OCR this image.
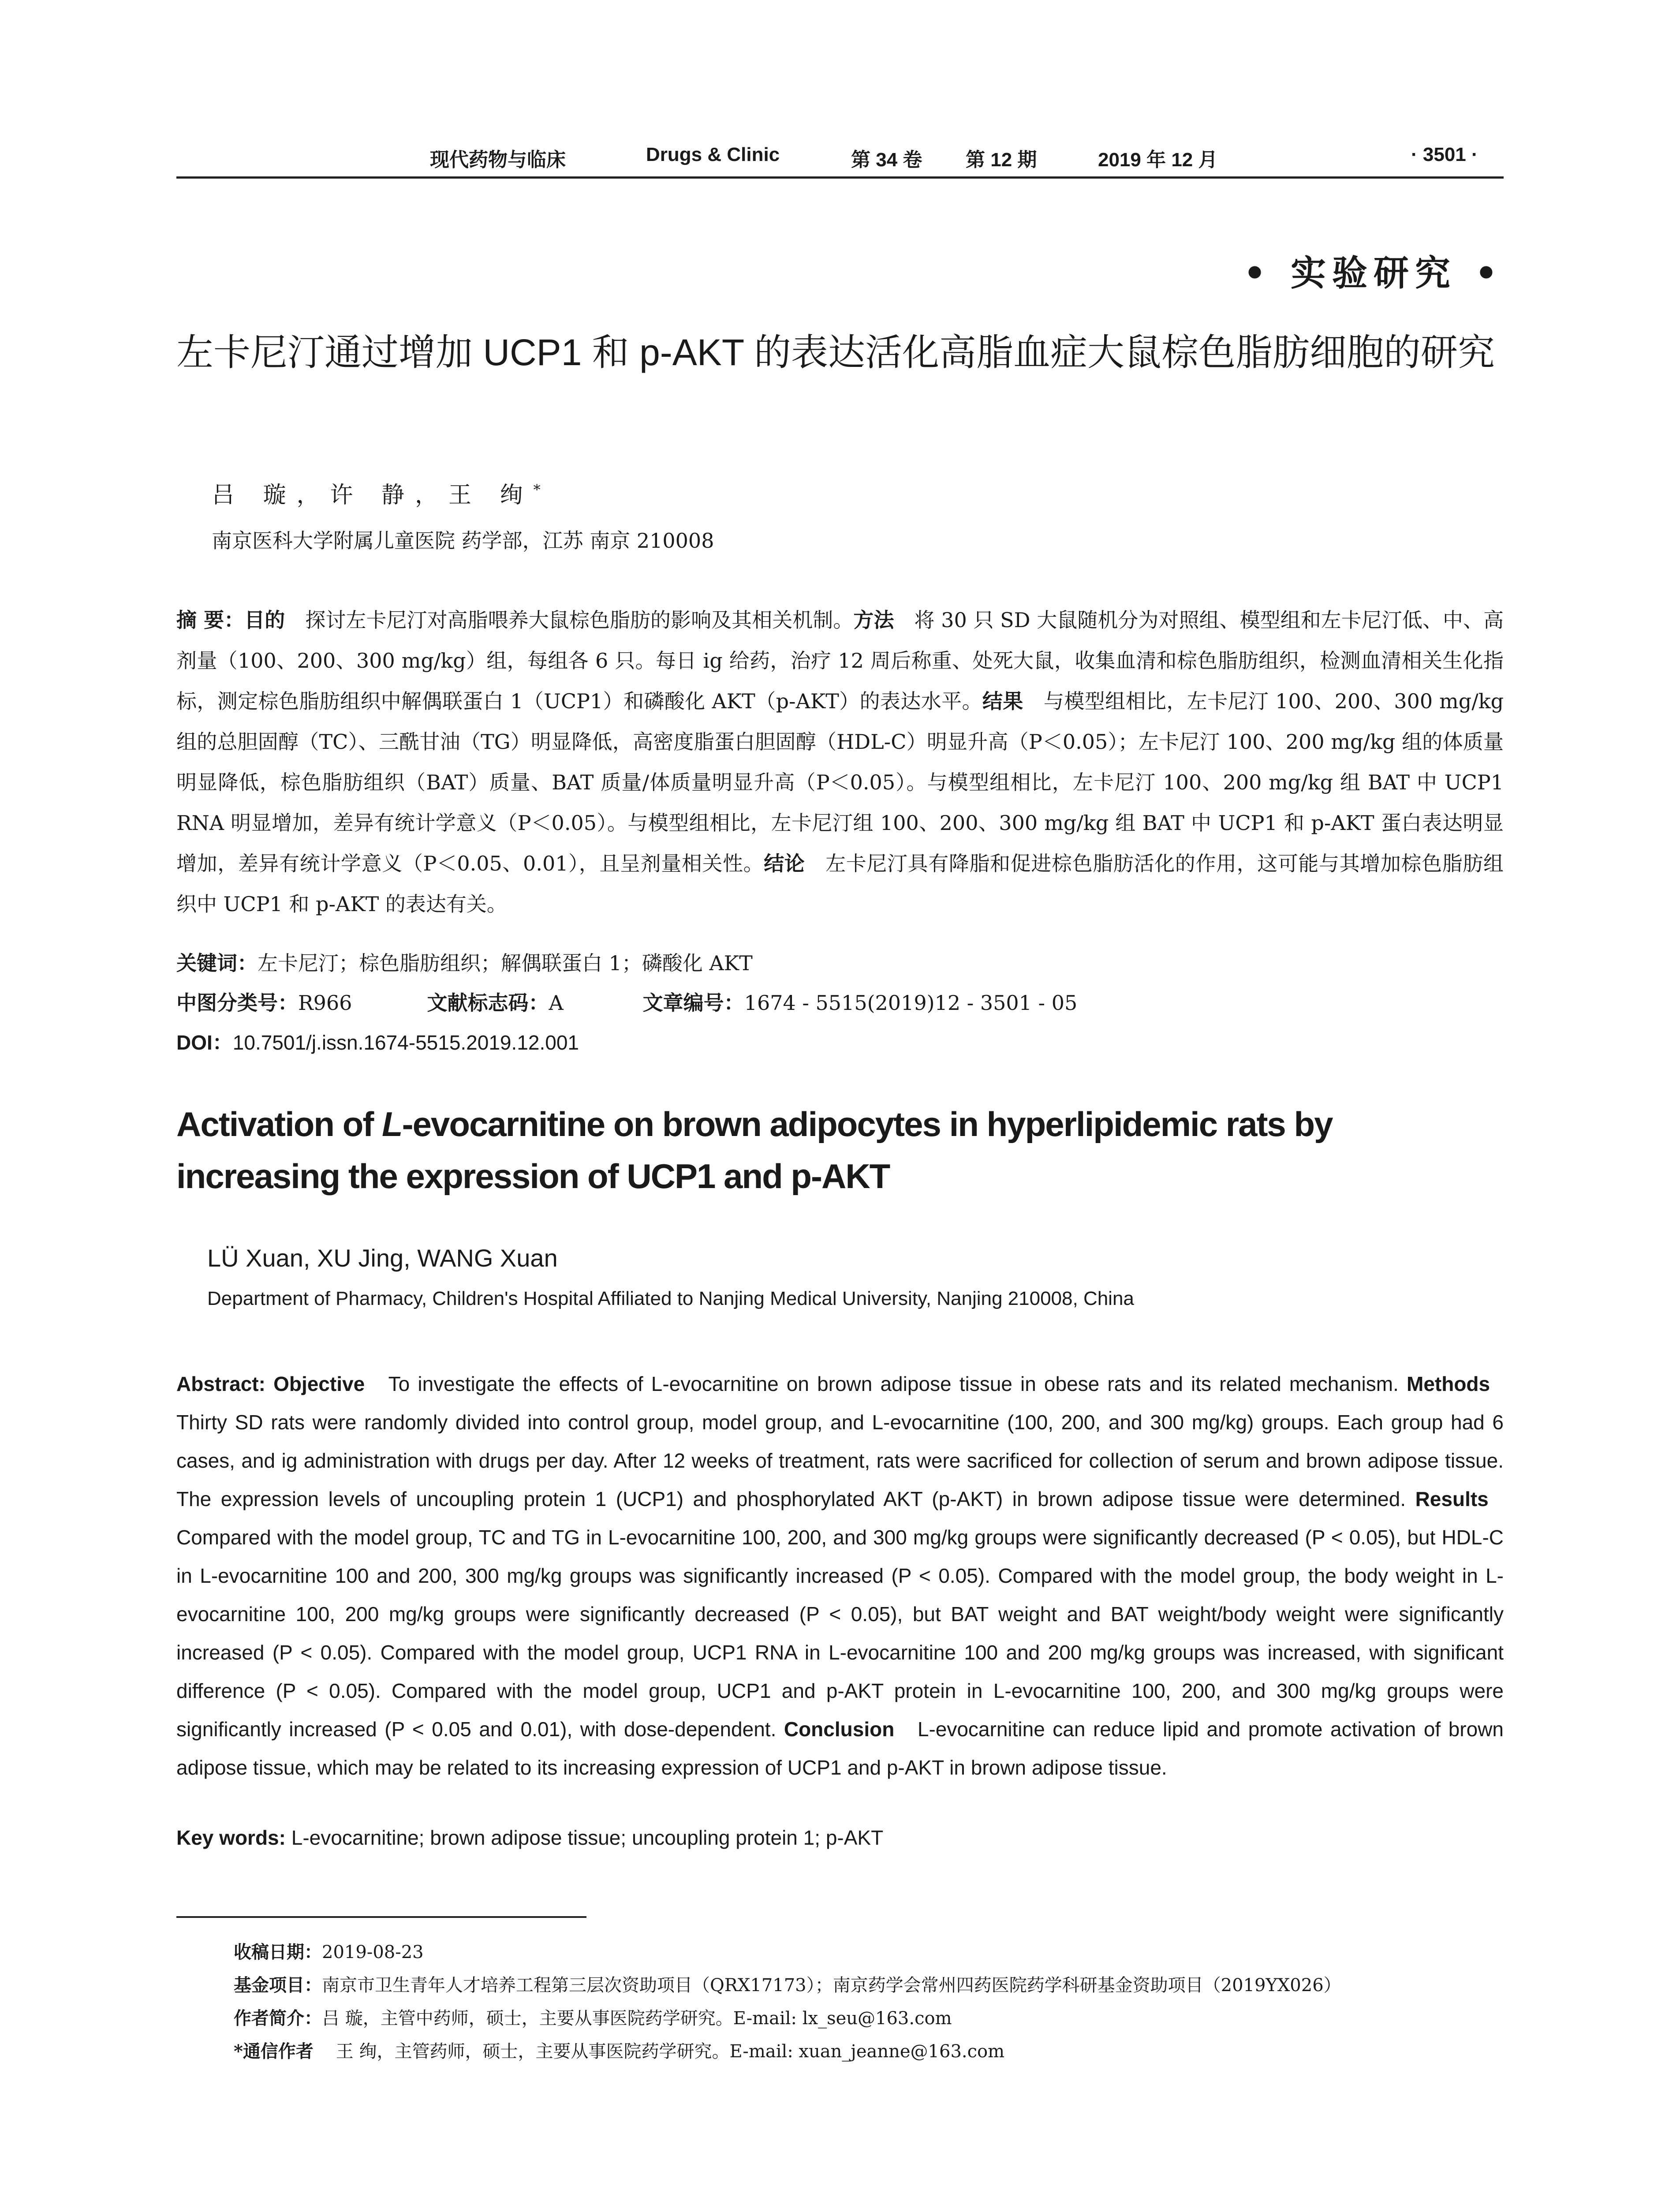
现代药物与临床	Drugs & Clinic	第 34 卷 第 12 期	2019 年 12 月	· 3501 ·
• 实验研究 •
左卡尼汀通过增加 UCP1 和 p-AKT 的表达活化高脂血症大鼠棕色脂肪细胞的研究
吕 璇，许 静，王 绚*
南京医科大学附属儿童医院 药学部，江苏 南京 210008
摘 要：目的　 探讨左卡尼汀对高脂喂养大鼠棕色脂肪的影响及其相关机制。方法　 将 30 只 SD 大鼠随机分为对照组、模型组和左卡尼汀低、中、高剂量（100、200、300 mg/kg）组，每组各 6 只。每日 ig 给药，治疗 12 周后称重、处死大鼠，收集血清和棕色脂肪组织，检测血清相关生化指标，测定棕色脂肪组织中解偶联蛋白 1（UCP1）和磷酸化 AKT（p-AKT）的表达水平。结果　 与模型组相比，左卡尼汀 100、200、300 mg/kg 组的总胆固醇（TC）、三酰甘油（TG）明显降低，高密度脂蛋白胆固醇（HDL-C）明显升高（P＜0.05）；左卡尼汀 100、200 mg/kg 组的体质量明显降低，棕色脂肪组织（BAT）质量、BAT 质量/体质量明显升高（P＜0.05）。与模型组相比，左卡尼汀 100、200 mg/kg 组 BAT 中 UCP1 RNA 明显增加，差异有统计学意义（P＜0.05）。与模型组相比，左卡尼汀组 100、200、300 mg/kg 组 BAT 中 UCP1 和 p-AKT 蛋白表达明显增加，差异有统计学意义（P＜0.05、0.01），且呈剂量相关性。结论　 左卡尼汀具有降脂和促进棕色脂肪活化的作用，这可能与其增加棕色脂肪组织中 UCP1 和 p-AKT 的表达有关。
关键词：左卡尼汀；棕色脂肪组织；解偶联蛋白 1；磷酸化 AKT
中图分类号：R966	文献标志码：A	文章编号：1674 - 5515(2019)12 - 3501 - 05
DOI：10.7501/j.issn.1674-5515.2019.12.001
Activation of L-evocarnitine on brown adipocytes in hyperlipidemic rats by increasing the expression of UCP1 and p-AKT
LÜ Xuan, XU Jing, WANG Xuan
Department of Pharmacy, Children's Hospital Affiliated to Nanjing Medical University, Nanjing 210008, China
Abstract: Objective To investigate the effects of L-evocarnitine on brown adipose tissue in obese rats and its related mechanism. Methods   Thirty SD rats were randomly divided into control group, model group, and L-evocarnitine (100, 200, and 300 mg/kg) groups. Each group had 6 cases, and ig administration with drugs per day. After 12 weeks of treatment, rats were sacrificed for collection of serum and brown adipose tissue. The expression levels of uncoupling protein 1 (UCP1) and phosphorylated AKT (p-AKT) in brown adipose tissue were determined. Results   Compared with the model group, TC and TG in L-evocarnitine 100, 200, and 300 mg/kg groups were significantly decreased (P < 0.05), but HDL-C in L-evocarnitine 100 and 200, 300 mg/kg groups was significantly increased (P < 0.05). Compared with the model group, the body weight in L-evocarnitine 100, 200 mg/kg groups were significantly decreased (P < 0.05), but BAT weight and BAT weight/body weight were significantly increased (P < 0.05). Compared with the model group, UCP1 RNA in L-evocarnitine 100 and 200 mg/kg groups was increased, with significant difference (P < 0.05). Compared with the model group, UCP1 and p-AKT protein in L-evocarnitine 100, 200, and 300 mg/kg groups were significantly increased (P < 0.05 and 0.01), with dose-dependent. Conclusion L-evocarnitine can reduce lipid and promote activation of brown adipose tissue, which may be related to its increasing expression of UCP1 and p-AKT in brown adipose tissue.
Key words: L-evocarnitine; brown adipose tissue; uncoupling protein 1; p-AKT
收稿日期：2019-08-23
基金项目：南京市卫生青年人才培养工程第三层次资助项目（QRX17173）；南京药学会常州四药医院药学科研基金资助项目（2019YX026）
作者简介：吕 璇，主管中药师，硕士，主要从事医院药学研究。E-mail: lx_seu@163.com
*通信作者 王 绚，主管药师，硕士，主要从事医院药学研究。E-mail: xuan_jeanne@163.com
